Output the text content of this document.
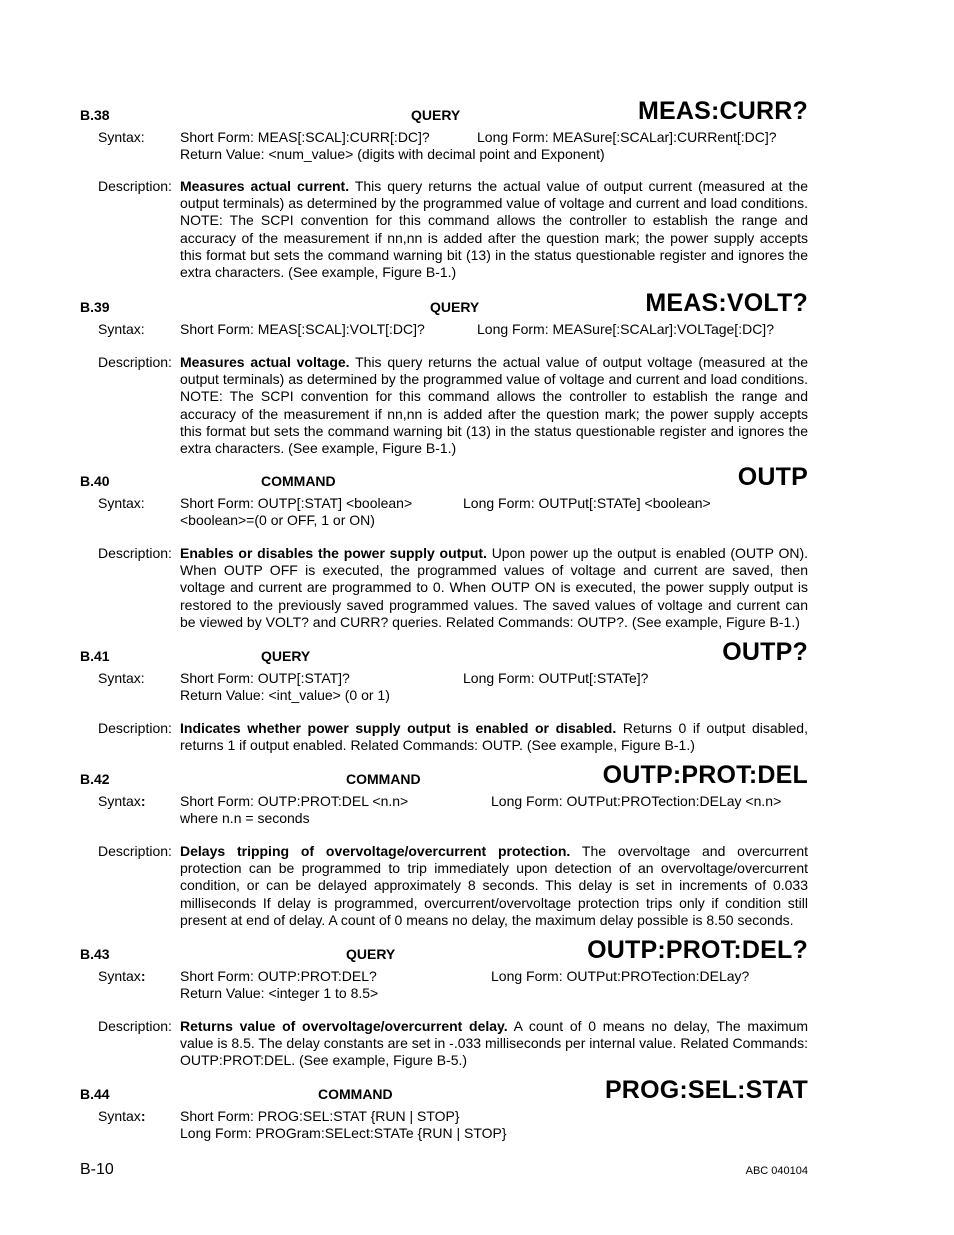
B.38	QUERY	MEAS:CURR?
Syntax:	Short Form: MEAS[:SCAL]:CURR[:DC]?	Long Form: MEASure[:SCALar]:CURRent[:DC]?
Return Value: <num_value> (digits with decimal point and Exponent)
Description: Measures actual current. This query returns the actual value of output current (measured at the output terminals) as determined by the programmed value of voltage and current and load conditions. NOTE: The SCPI convention for this command allows the controller to establish the range and accuracy of the measurement if nn,nn is added after the question mark; the power supply accepts this format but sets the command warning bit (13) in the status questionable register and ignores the extra characters. (See example, Figure B-1.)
B.39	QUERY	MEAS:VOLT?
Syntax:	Short Form: MEAS[:SCAL]:VOLT[:DC]?	Long Form: MEASure[:SCALar]:VOLTage[:DC]?
Description: Measures actual voltage. This query returns the actual value of output voltage (measured at the output terminals) as determined by the programmed value of voltage and current and load conditions. NOTE: The SCPI convention for this command allows the controller to establish the range and accuracy of the measurement if nn,nn is added after the question mark; the power supply accepts this format but sets the command warning bit (13) in the status questionable register and ignores the extra characters. (See example, Figure B-1.)
B.40	COMMAND	OUTP
Syntax:	Short Form: OUTP[:STAT] <boolean>	Long Form: OUTPut[:STATe] <boolean>
<boolean>=(0 or OFF, 1 or ON)
Description: Enables or disables the power supply output. Upon power up the output is enabled (OUTP ON). When OUTP OFF is executed, the programmed values of voltage and current are saved, then voltage and current are programmed to 0. When OUTP ON is executed, the power supply output is restored to the previously saved programmed values. The saved values of voltage and current can be viewed by VOLT? and CURR? queries. Related Commands: OUTP?. (See example, Figure B-1.)
B.41	QUERY	OUTP?
Syntax:	Short Form: OUTP[:STAT]?	Long Form: OUTPut[:STATe]?
Return Value: <int_value> (0 or 1)
Description: Indicates whether power supply output is enabled or disabled. Returns 0 if output disabled, returns 1 if output enabled. Related Commands: OUTP. (See example, Figure B-1.)
B.42	COMMAND	OUTP:PROT:DEL
Syntax: Short Form: OUTP:PROT:DEL <n.n>	Long Form: OUTPut:PROTection:DELay <n.n>
where n.n = seconds
Description: Delays tripping of overvoltage/overcurrent protection. The overvoltage and overcurrent protection can be programmed to trip immediately upon detection of an overvoltage/overcurrent condition, or can be delayed approximately 8 seconds. This delay is set in increments of 0.033 milliseconds If delay is programmed, overcurrent/overvoltage protection trips only if condition still present at end of delay. A count of 0 means no delay, the maximum delay possible is 8.50 seconds.
B.43	QUERY	OUTP:PROT:DEL?
Syntax: Short Form: OUTP:PROT:DEL?	Long Form: OUTPut:PROTection:DELay?
Return Value: <integer 1 to 8.5>
Description: Returns value of overvoltage/overcurrent delay. A count of 0 means no delay, The maximum value is 8.5. The delay constants are set in -.033 milliseconds per internal value. Related Commands: OUTP:PROT:DEL. (See example, Figure B-5.)
B.44	COMMAND	PROG:SEL:STAT
Syntax: Short Form: PROG:SEL:STAT {RUN | STOP}
Long Form: PROGram:SELect:STATe {RUN | STOP}
B-10	ABC 040104
